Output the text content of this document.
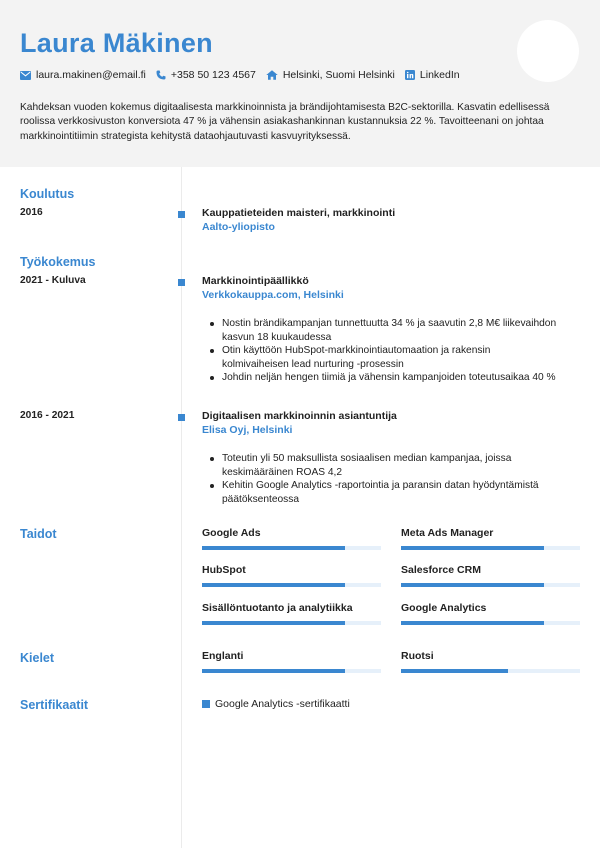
Laura Mäkinen
laura.makinen@email.fi +358 50 123 4567	Helsinki, Suomi Helsinki LinkedIn
Kahdeksan vuoden kokemus digitaalisesta markkinoinnista ja brändijohtamisesta B2C-sektorilla. Kasvatin edellisessä roolissa verkkosivuston konversiota 47 % ja vähensin asiakashankinnan kustannuksia 22 %. Tavoitteenani on johtaa markkinointitiimin strategista kehitystä dataohjautuvasti kasvuyrityksessä.
Koulutus
2016	Kauppatieteiden maisteri, markkinointi
Aalto-yliopisto
Työkokemus
2021 - Kuluva	Markkinointipäällikkö
Verkkokauppa.com, Helsinki
Nostin brändikampanjan tunnettuutta 34 % ja saavutin 2,8 M€ liikevaihdon kasvun 18 kuukaudessa
Otin käyttöön HubSpot-markkinointiautomaation ja rakensin kolmivaiheisen lead nurturing -prosessin
Johdin neljän hengen tiimiä ja vähensin kampanjoiden toteutusaikaa 40 %
2016 - 2021	Digitaalisen markkinoinnin asiantuntija
Elisa Oyj, Helsinki
Toteutin yli 50 maksullista sosiaalisen median kampanjaa, joissa keskimääräinen ROAS 4,2
Kehitin Google Analytics -raportointia ja paransin datan hyödyntämistä päätöksenteossa
Taidot	Google Ads	Meta Ads Manager
HubSpot	Salesforce CRM
Sisällöntuotanto ja analytiikka	Google Analytics
Kielet	Englanti	Ruotsi
Sertifikaatit	Google Analytics -sertifikaatti
